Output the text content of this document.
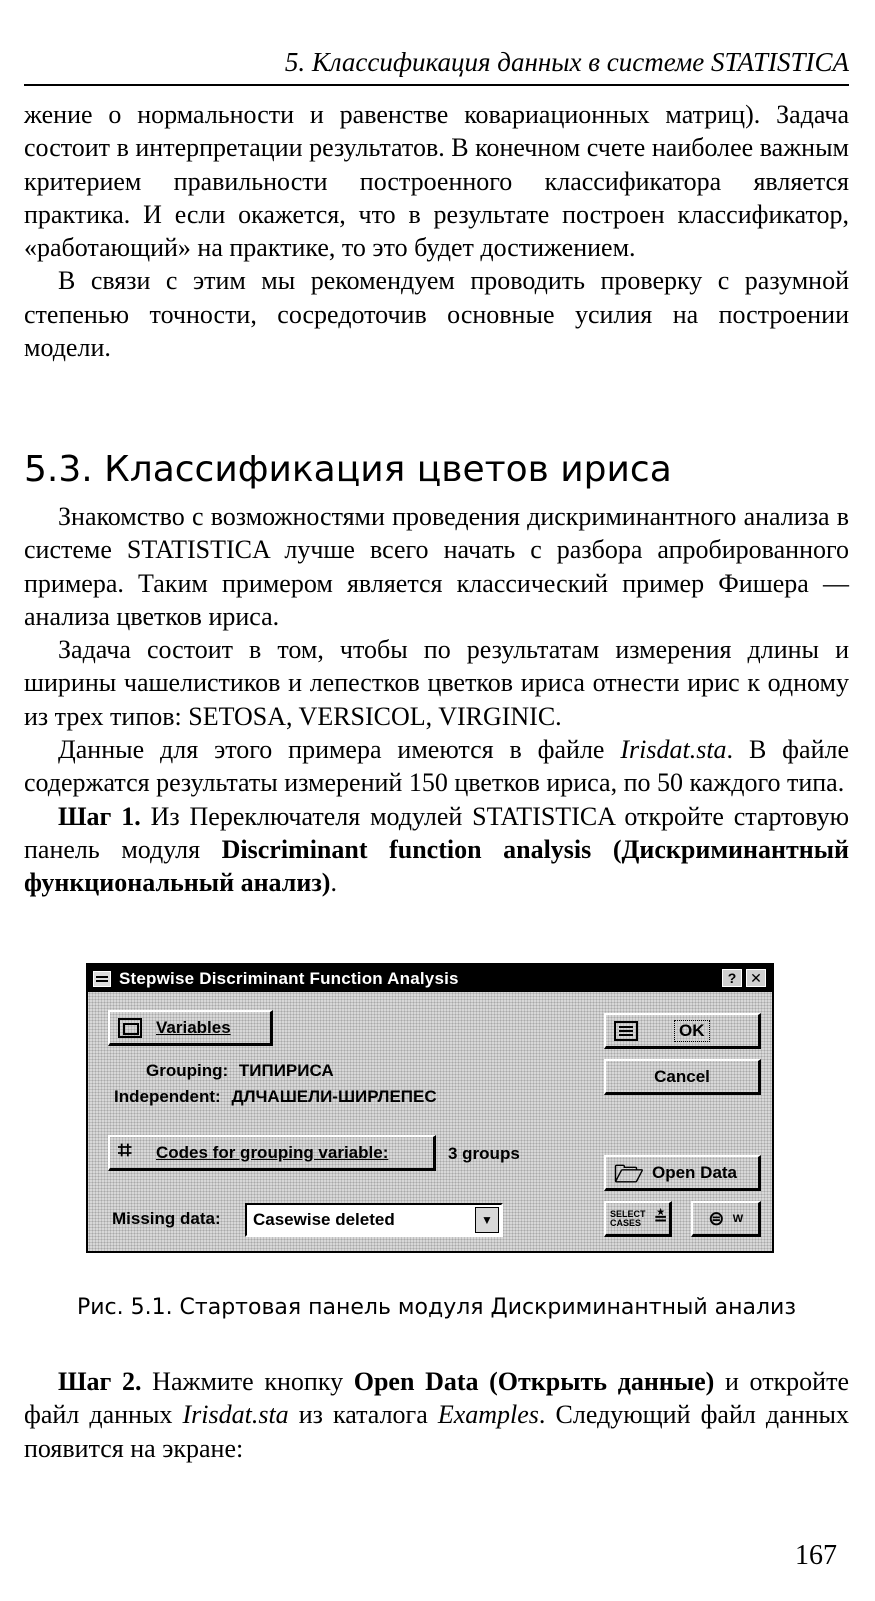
5. Классификация данных в системе STATISTICA

жение о нормальности и равенстве ковариационных матриц). Задача состоит в интерпретации результатов. В конечном счете наиболее важным критерием правильности построенного классификатора является практика. И если окажется, что в результате построен классификатор, «работающий» на практике, то это будет достижением.

В связи с этим мы рекомендуем проводить проверку с разумной степенью точности, сосредоточив основные усилия на построении модели.

5.3. Классификация цветов ириса

Знакомство с возможностями проведения дискриминантного анализа в системе STATISTICA лучше всего начать с разбора апробированного примера. Таким примером является классический пример Фишера — анализа цветков ириса.

Задача состоит в том, чтобы по результатам измерения длины и ширины чашелистиков и лепестков цветков ириса отнести ирис к одному из трех типов: SETOSA, VERSICOL, VIRGINIC.

Данные для этого примера имеются в файле Irisdat.sta. В файле содержатся результаты измерений 150 цветков ириса, по 50 каждого типа.

Шаг 1. Из Переключателя модулей STATISTICA откройте стартовую панель модуля Discriminant function analysis (Дискриминантный функциональный анализ).

Stepwise Discriminant Function Analysis	? ✕
Variables
Grouping: ТИПИРИСА
Independent: ДЛЧАШЕЛИ-ШИРЛЕПЕС
⌗
Codes for grouping variable:	3 groups
Missing data:	Casewise deleted	▼
OK
Cancel
🗁
Open Data
SELECT CASES ≛ ⊜ W
Рис. 5.1. Стартовая панель модуля Дискриминантный анализ

Шаг 2. Нажмите кнопку Open Data (Открыть данные) и откройте файл данных Irisdat.sta из каталога Examples. Следующий файл данных появится на экране:

167
